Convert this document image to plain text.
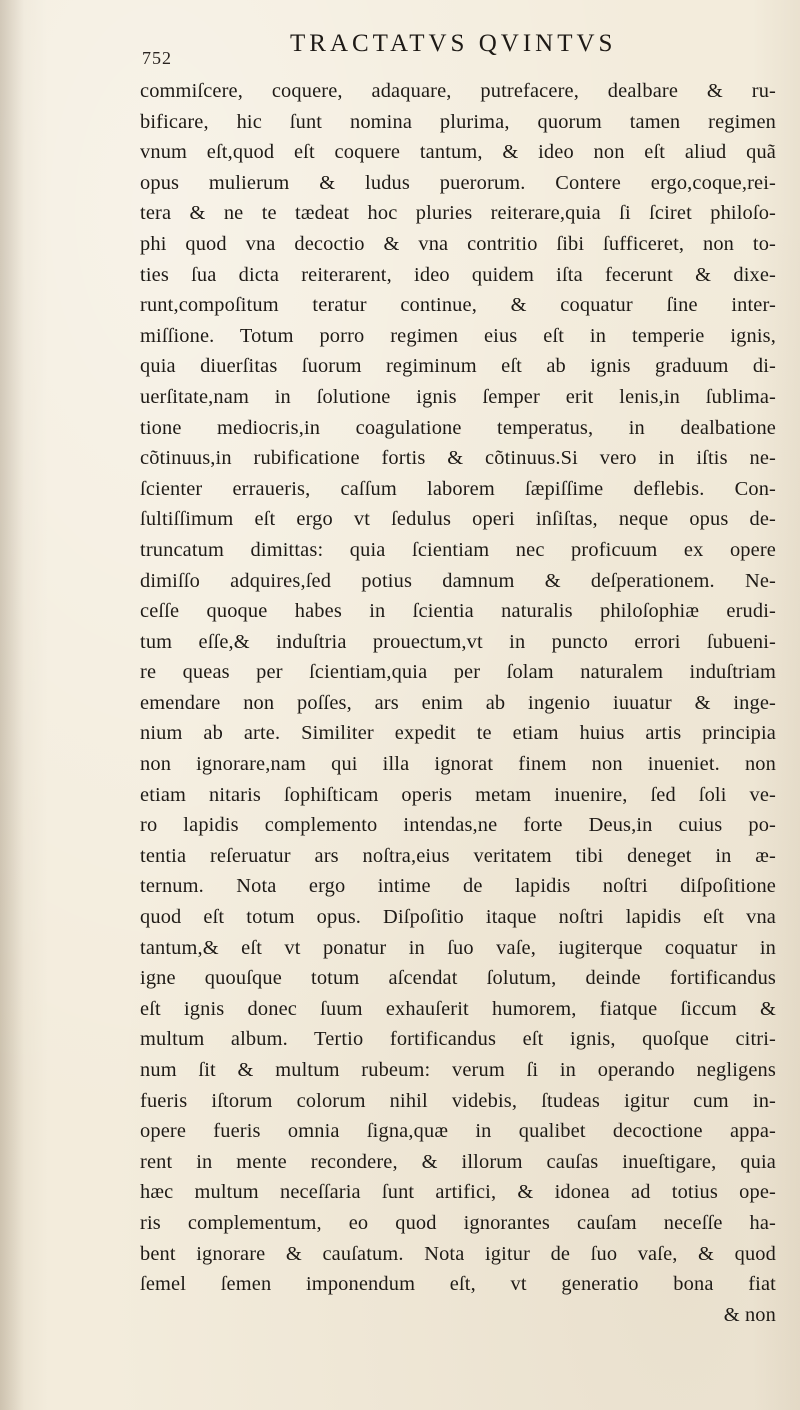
752
TRACTATVS QVINTVS
commiſcere, coquere, adaquare, putrefacere, dealbare & ru-
bificare, hic ſunt nomina plurima, quorum tamen regimen
vnum eſt,quod eſt coquere tantum, & ideo non eſt aliud quã
opus mulierum & ludus puerorum. Contere ergo,coque,rei-
tera & ne te tædeat hoc pluries reiterare,quia ſi ſciret philoſo-
phi quod vna decoctio & vna contritio ſibi ſufficeret, non to-
ties ſua dicta reiterarent, ideo quidem iſta fecerunt & dixe-
runt,compoſitum teratur continue, & coquatur ſine inter-
miſſione. Totum porro regimen eius eſt in temperie ignis,
quia diuerſitas ſuorum regiminum eſt ab ignis graduum di-
uerſitate,nam in ſolutione ignis ſemper erit lenis,in ſublima-
tione mediocris,in coagulatione temperatus, in dealbatione
cõtinuus,in rubificatione fortis & cõtinuus.Si vero in iſtis ne-
ſcienter erraueris, caſſum laborem ſæpiſſime deflebis. Con-
ſultiſſimum eſt ergo vt ſedulus operi inſiſtas, neque opus de-
truncatum dimittas: quia ſcientiam nec proficuum ex opere
dimiſſo adquires,ſed potius damnum & deſperationem. Ne-
ceſſe quoque habes in ſcientia naturalis philoſophiæ erudi-
tum eſſe,& induſtria prouectum,vt in puncto errori ſubueni-
re queas per ſcientiam,quia per ſolam naturalem induſtriam
emendare non poſſes, ars enim ab ingenio iuuatur & inge-
nium ab arte. Similiter expedit te etiam huius artis principia
non ignorare,nam qui illa ignorat finem non inueniet. non
etiam nitaris ſophiſticam operis metam inuenire, ſed ſoli ve-
ro lapidis complemento intendas,ne forte Deus,in cuius po-
tentia reſeruatur ars noſtra,eius veritatem tibi deneget in æ-
ternum. Nota ergo intime de lapidis noſtri diſpoſitione
quod eſt totum opus. Diſpoſitio itaque noſtri lapidis eſt vna
tantum,& eſt vt ponatur in ſuo vaſe, iugiterque coquatur in
igne quouſque totum aſcendat ſolutum, deinde fortificandus
eſt ignis donec ſuum exhauſerit humorem, fiatque ſiccum &
multum album. Tertio fortificandus eſt ignis, quoſque citri-
num ſit & multum rubeum: verum ſi in operando negligens
fueris iſtorum colorum nihil videbis, ſtudeas igitur cum in-
opere fueris omnia ſigna,quæ in qualibet decoctione appa-
rent in mente recondere, & illorum cauſas inueſtigare, quia
hæc multum neceſſaria ſunt artifici, & idonea ad totius ope-
ris complementum, eo quod ignorantes cauſam neceſſe ha-
bent ignorare & cauſatum. Nota igitur de ſuo vaſe, & quod
ſemel ſemen imponendum eſt, vt generatio bona fiat
& non
